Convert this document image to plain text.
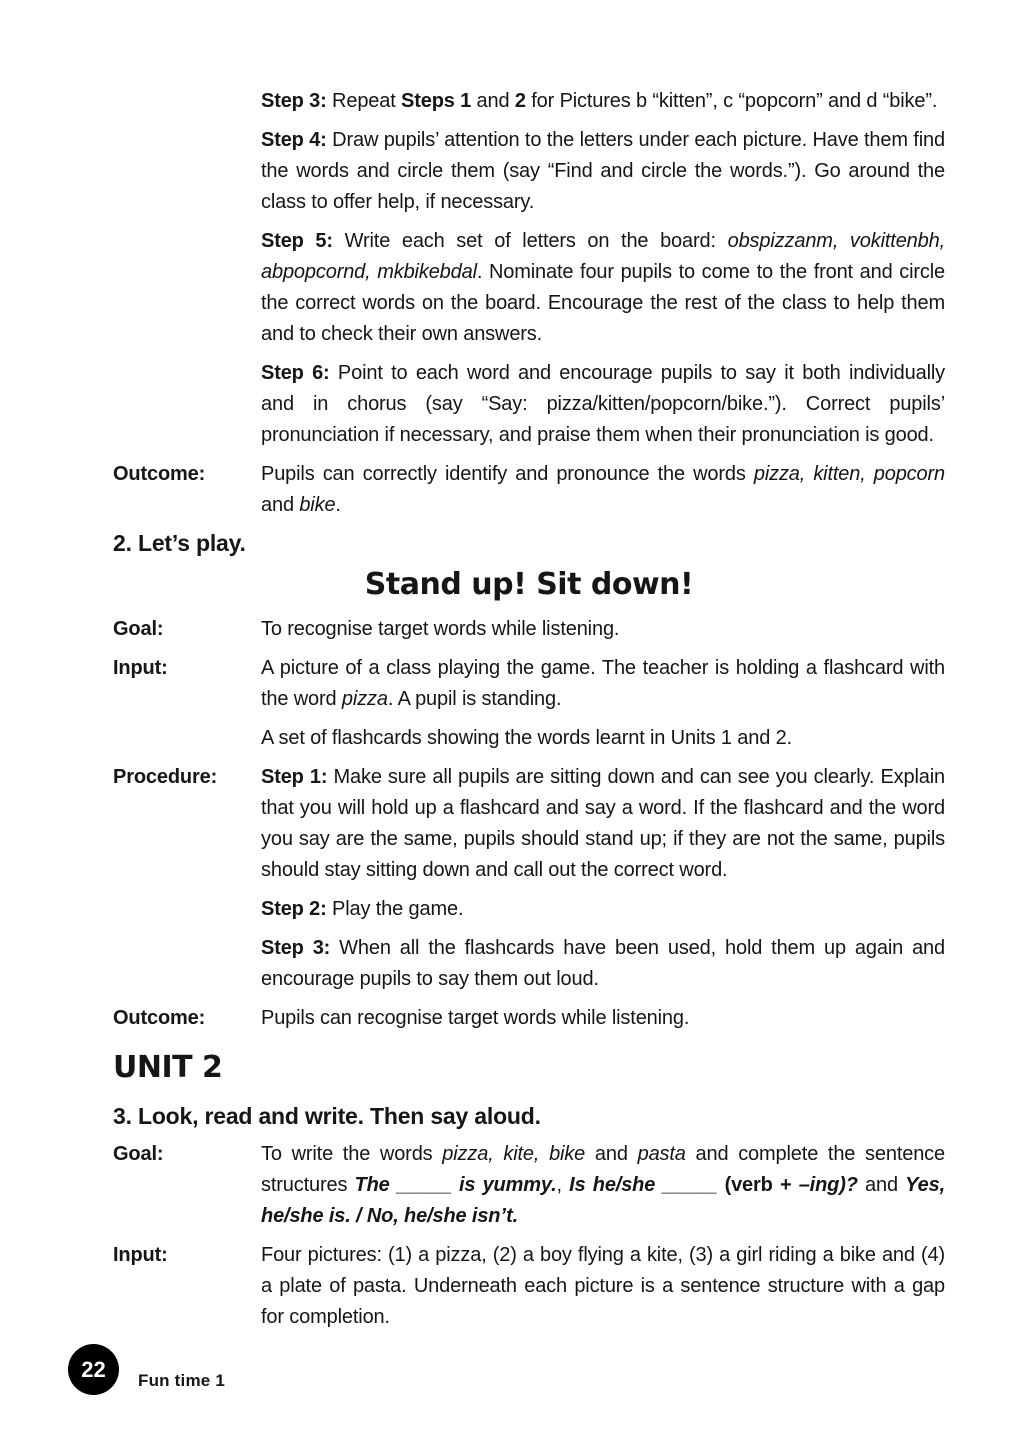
Step 3: Repeat Steps 1 and 2 for Pictures b “kitten”, c “popcorn” and d “bike”.
Step 4: Draw pupils’ attention to the letters under each picture. Have them find the words and circle them (say “Find and circle the words.”). Go around the class to offer help, if necessary.
Step 5: Write each set of letters on the board: obspizzanm, vokittenbh, abpopcornd, mkbikebdal. Nominate four pupils to come to the front and circle the correct words on the board. Encourage the rest of the class to help them and to check their own answers.
Step 6: Point to each word and encourage pupils to say it both individually and in chorus (say “Say: pizza/kitten/popcorn/bike.”). Correct pupils’ pronunciation if necessary, and praise them when their pronunciation is good.
Outcome:	Pupils can correctly identify and pronounce the words pizza, kitten, popcorn and bike.
2. Let’s play.
Stand up! Sit down!
Goal:	To recognise target words while listening.
Input:	A picture of a class playing the game. The teacher is holding a flashcard with the word pizza. A pupil is standing.
A set of flashcards showing the words learnt in Units 1 and 2.
Procedure:	Step 1: Make sure all pupils are sitting down and can see you clearly. Explain that you will hold up a flashcard and say a word. If the flashcard and the word you say are the same, pupils should stand up; if they are not the same, pupils should stay sitting down and call out the correct word.
Step 2: Play the game.
Step 3: When all the flashcards have been used, hold them up again and encourage pupils to say them out loud.
Outcome:	Pupils can recognise target words while listening.
UNIT 2
3. Look, read and write. Then say aloud.
Goal:	To write the words pizza, kite, bike and pasta and complete the sentence structures The _____ is yummy., Is he/she _____ (verb + –ing)? and Yes, he/she is. / No, he/she isn’t.
Input:	Four pictures: (1) a pizza, (2) a boy flying a kite, (3) a girl riding a bike and (4) a plate of pasta. Underneath each picture is a sentence structure with a gap for completion.
22 Fun time 1
